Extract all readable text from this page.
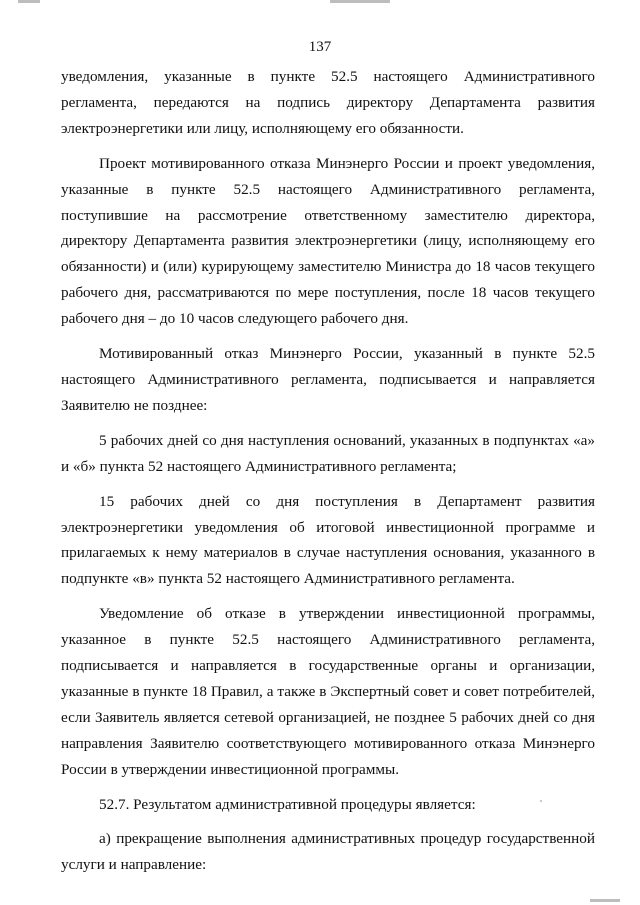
137

уведомления, указанные в пункте 52.5 настоящего Административного регламента, передаются на подпись директору Департамента развития электроэнергетики или лицу, исполняющему его обязанности.

Проект мотивированного отказа Минэнерго России и проект уведомления, указанные в пункте 52.5 настоящего Административного регламента, поступившие на рассмотрение ответственному заместителю директора, директору Департамента развития электроэнергетики (лицу, исполняющему его обязанности) и (или) курирующему заместителю Министра до 18 часов текущего рабочего дня, рассматриваются по мере поступления, после 18 часов текущего рабочего дня – до 10 часов следующего рабочего дня.

Мотивированный отказ Минэнерго России, указанный в пункте 52.5 настоящего Административного регламента, подписывается и направляется Заявителю не позднее:

5 рабочих дней со дня наступления оснований, указанных в подпунктах «а» и «б» пункта 52 настоящего Административного регламента;

15 рабочих дней со дня поступления в Департамент развития электроэнергетики уведомления об итоговой инвестиционной программе и прилагаемых к нему материалов в случае наступления основания, указанного в подпункте «в» пункта 52 настоящего Административного регламента.

Уведомление об отказе в утверждении инвестиционной программы, указанное в пункте 52.5 настоящего Административного регламента, подписывается и направляется в государственные органы и организации, указанные в пункте 18 Правил, а также в Экспертный совет и совет потребителей, если Заявитель является сетевой организацией, не позднее 5 рабочих дней со дня направления Заявителю соответствующего мотивированного отказа Минэнерго России в утверждении инвестиционной программы.

52.7. Результатом административной процедуры является:

а) прекращение выполнения административных процедур государственной услуги и направление:
